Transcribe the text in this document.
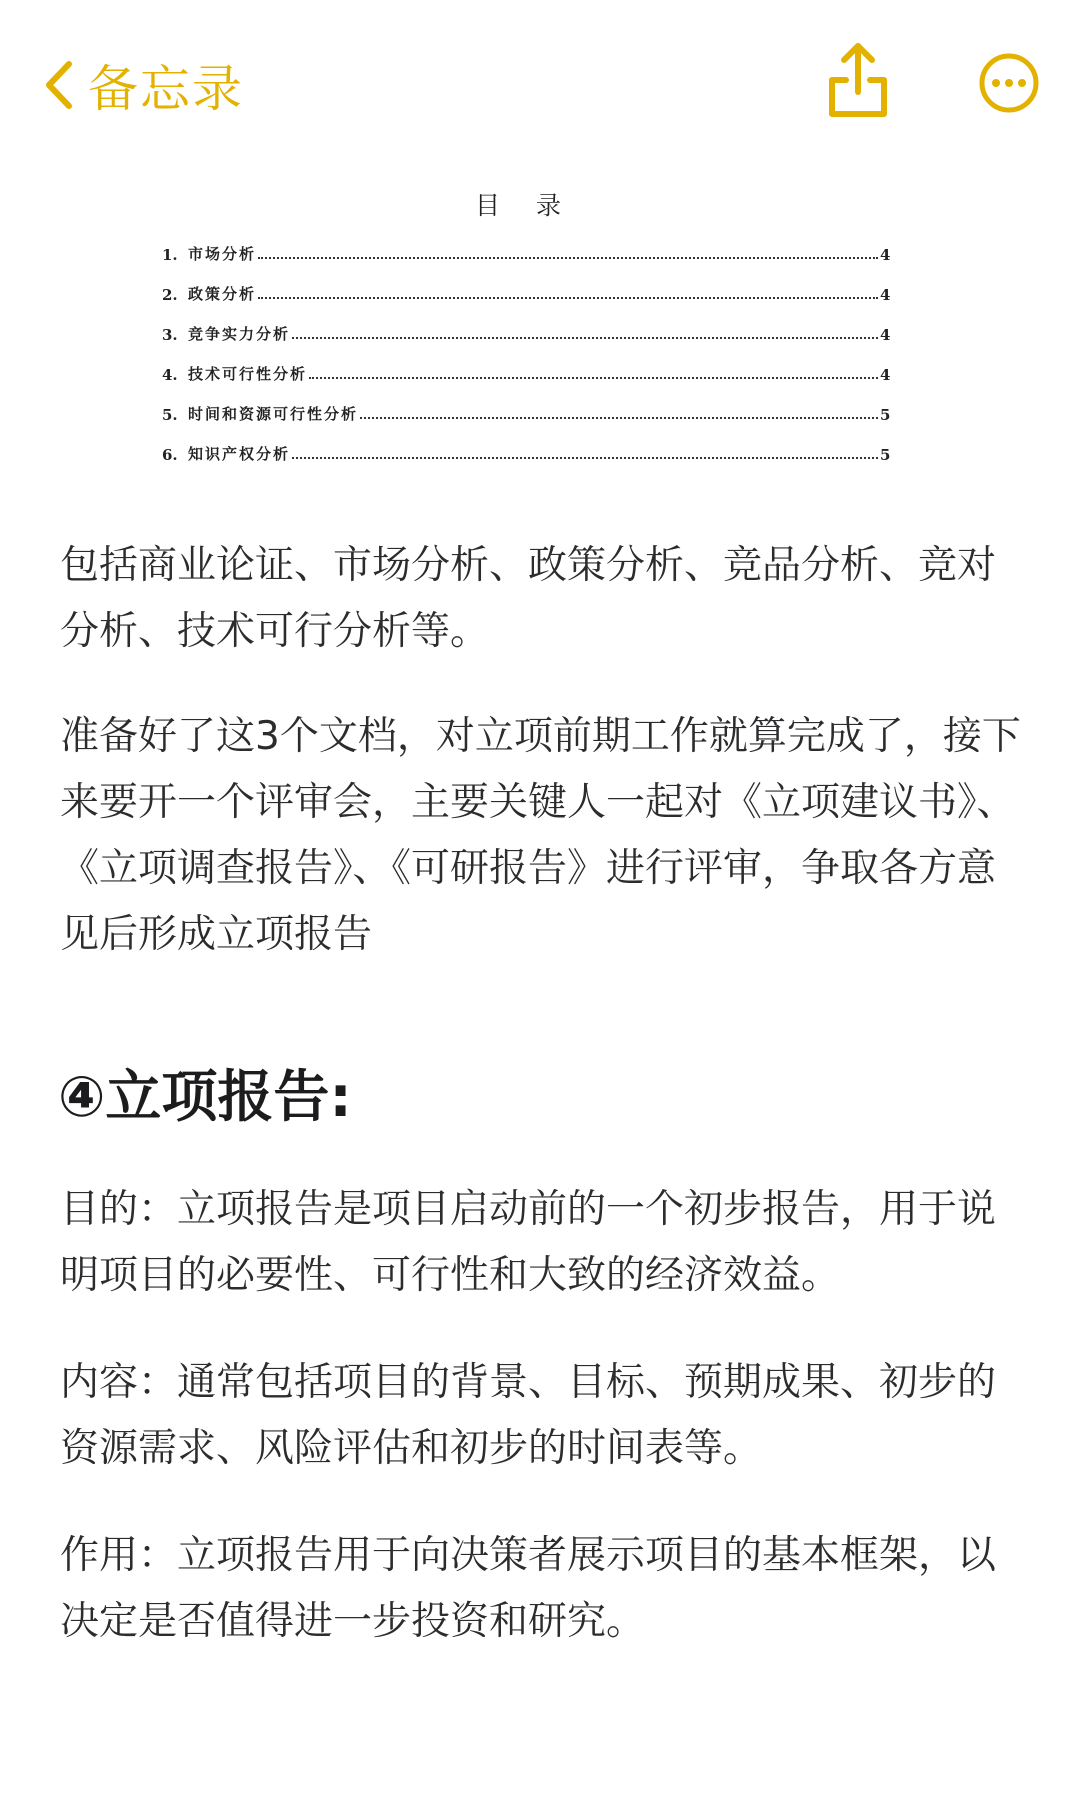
备忘录
目 录
1. 市场分析	4
2. 政策分析	4
3. 竞争实力分析	4
4. 技术可行性分析	4
5. 时间和资源可行性分析	5
6. 知识产权分析	5

包括商业论证、市场分析、政策分析、竞品分析、竞对分析、技术可行分析等。

准备好了这3个文档，对立项前期工作就算完成了，接下来要开一个评审会，主要关键人一起对《立项建议书》、《立项调查报告》、《可研报告》进行评审，争取各方意见后形成立项报告

④立项报告:

目的：立项报告是项目启动前的一个初步报告，用于说明项目的必要性、可行性和大致的经济效益。

内容：通常包括项目的背景、目标、预期成果、初步的资源需求、风险评估和初步的时间表等。

作用：立项报告用于向决策者展示项目的基本框架，以决定是否值得进一步投资和研究。
